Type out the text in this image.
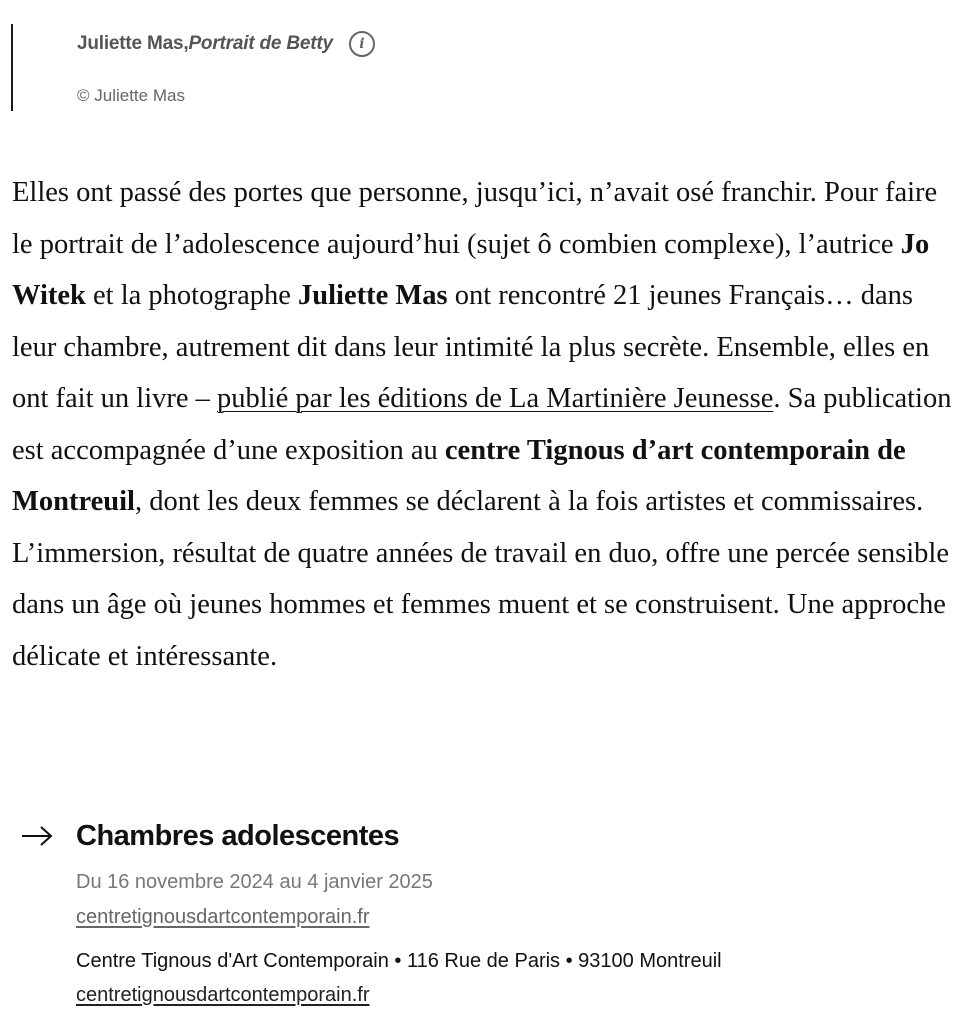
Juliette Mas, Portrait de Betty	i
© Juliette Mas

Elles ont passé des portes que personne, jusqu’ici, n’avait osé franchir. Pour faire le portrait de l’adolescence aujourd’hui (sujet ô combien complexe), l’autrice Jo Witek et la photographe Juliette Mas ont rencontré 21 jeunes Français… dans leur chambre, autrement dit dans leur intimité la plus secrète. Ensemble, elles en ont fait un livre – publié par les éditions de La Martinière Jeunesse. Sa publication est accompagnée d’une exposition au centre Tignous d’art contemporain de Montreuil, dont les deux femmes se déclarent à la fois artistes et commissaires. L’immersion, résultat de quatre années de travail en duo, offre une percée sensible dans un âge où jeunes hommes et femmes muent et se construisent. Une approche délicate et intéressante.

Chambres adolescentes
Du 16 novembre 2024 au 4 janvier 2025
centretignousdartcontemporain.fr
Centre Tignous d'Art Contemporain • 116 Rue de Paris • 93100 Montreuil
centretignousdartcontemporain.fr
